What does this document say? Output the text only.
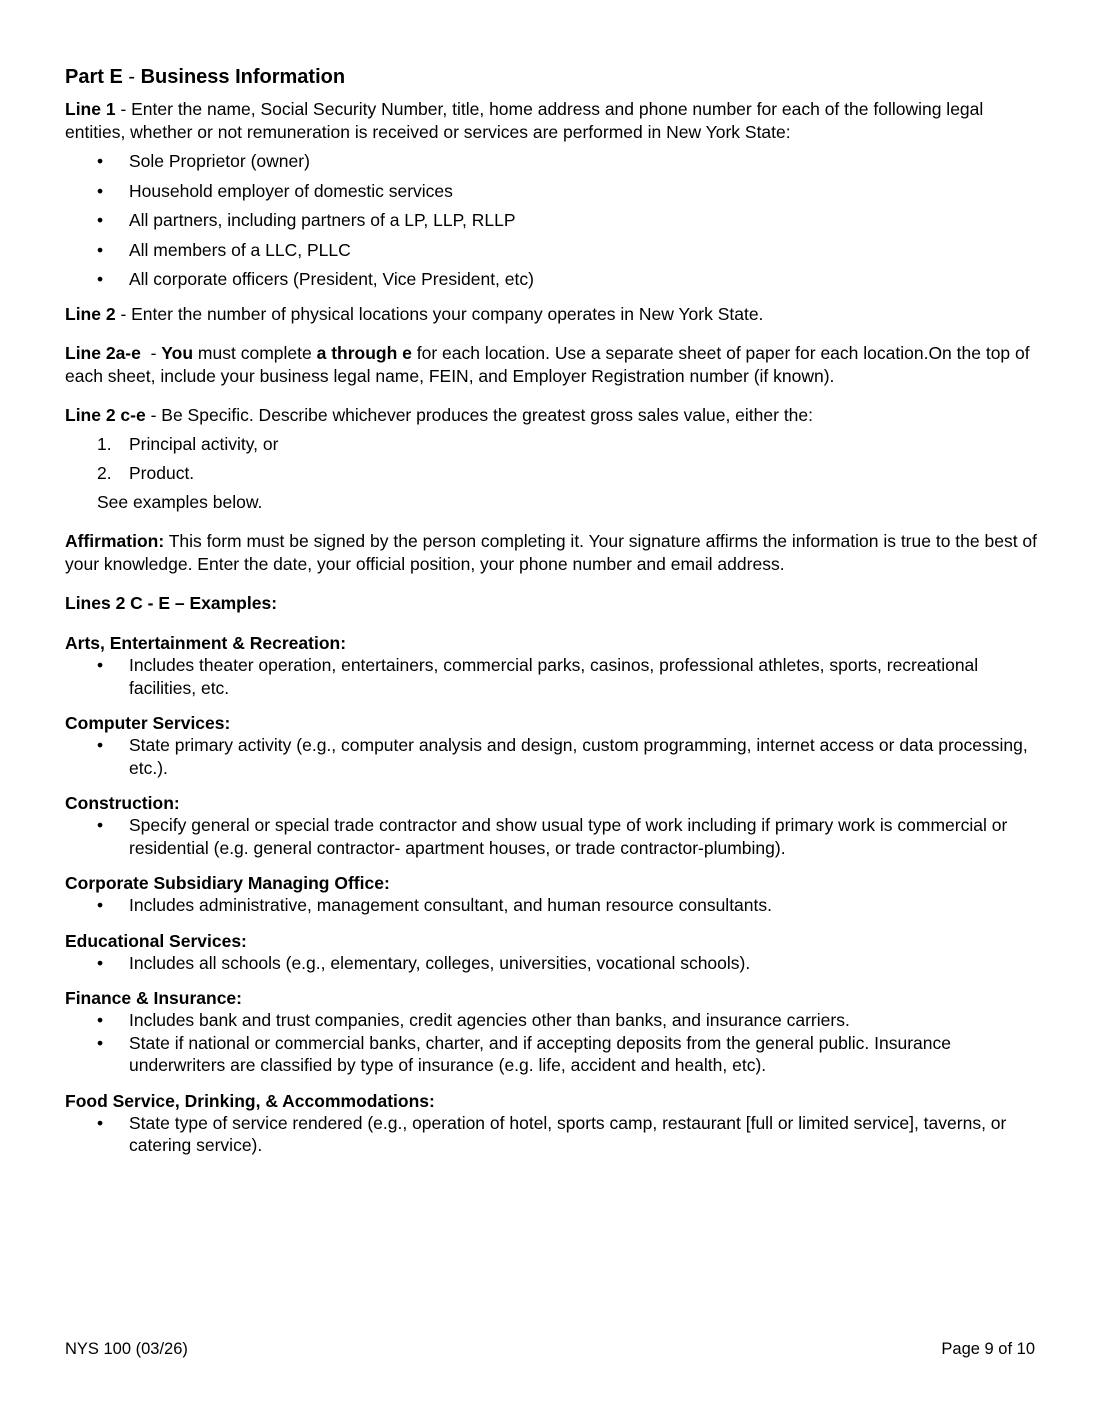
Part E - Business Information

Line 1 - Enter the name, Social Security Number, title, home address and phone number for each of the following legal entities, whether or not remuneration is received or services are performed in New York State:

• Sole Proprietor (owner)
• Household employer of domestic services
• All partners, including partners of a LP, LLP, RLLP
• All members of a LLC, PLLC
• All corporate officers (President, Vice President, etc)

Line 2 - Enter the number of physical locations your company operates in New York State.

Line 2a-e  - You must complete a through e for each location. Use a separate sheet of paper for each location.On the top of each sheet, include your business legal name, FEIN, and Employer Registration number (if known).

Line 2 c-e - Be Specific. Describe whichever produces the greatest gross sales value, either the:

1. Principal activity, or
2. Product.

See examples below.

Affirmation: This form must be signed by the person completing it. Your signature affirms the information is true to the best of your knowledge. Enter the date, your official position, your phone number and email address.

Lines 2 C - E – Examples:

Arts, Entertainment & Recreation:
• Includes theater operation, entertainers, commercial parks, casinos, professional athletes, sports, recreational facilities, etc.
Computer Services:
• State primary activity (e.g., computer analysis and design, custom programming, internet access or data processing, etc.).
Construction:
• Specify general or special trade contractor and show usual type of work including if primary work is commercial or residential (e.g. general contractor- apartment houses, or trade contractor-plumbing).
Corporate Subsidiary Managing Office:
• Includes administrative, management consultant, and human resource consultants.
Educational Services:
• Includes all schools (e.g., elementary, colleges, universities, vocational schools).
Finance & Insurance:
• Includes bank and trust companies, credit agencies other than banks, and insurance carriers.
• State if national or commercial banks, charter, and if accepting deposits from the general public. Insurance underwriters are classified by type of insurance (e.g. life, accident and health, etc).
Food Service, Drinking, & Accommodations:
• State type of service rendered (e.g., operation of hotel, sports camp, restaurant [full or limited service], taverns, or catering service).
NYS 100 (03/26)	Page 9 of 10
